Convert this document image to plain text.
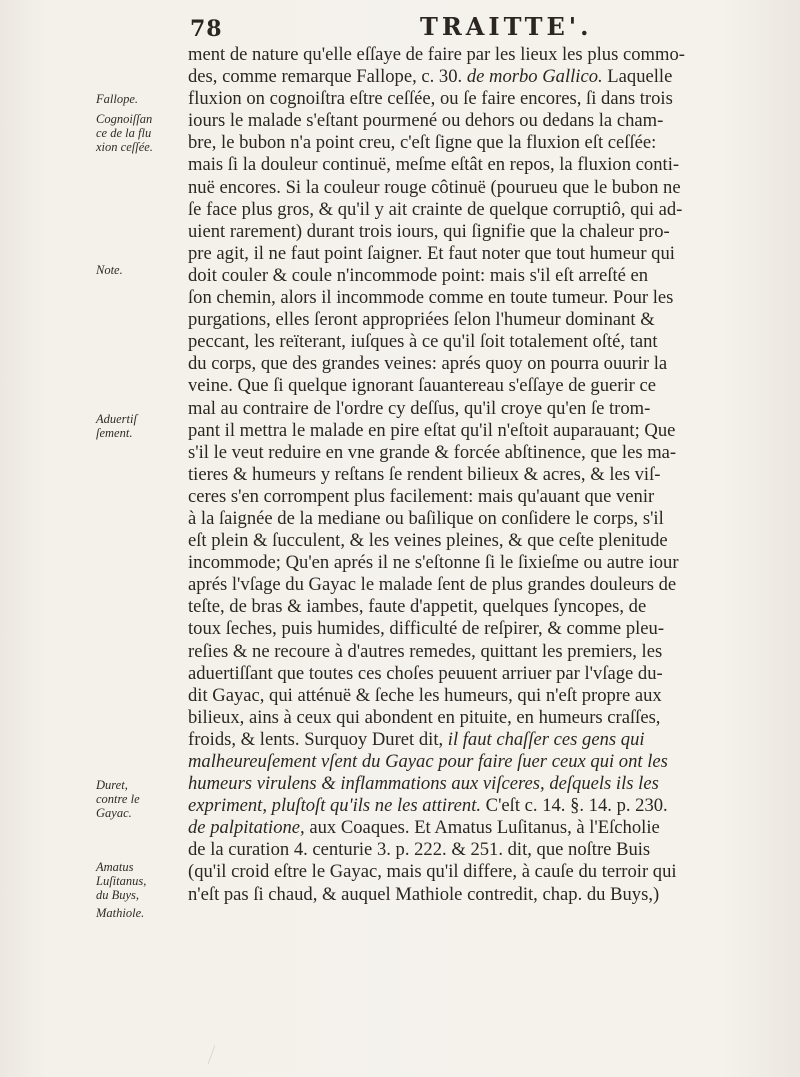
78	TRAITTE'.
Fallope.
Cognoiſſan
ce de la flu
xion ceſſée.
Note.
Aduertiſ
ſement.
Duret,
contre le
Gayac.
Amatus
Luſitanus,
du Buys,
Mathiole.
ment de nature qu'elle eſſaye de faire par les lieux les plus commo-
des, comme remarque Fallope, c. 30. de morbo Gallico. Laquelle
fluxion on cognoiſtra eſtre ceſſée, ou ſe faire encores, ſi dans trois
iours le malade s'eſtant pourmené ou dehors ou dedans la cham-
bre, le bubon n'a point creu, c'eſt ſigne que la fluxion eſt ceſſée:
mais ſi la douleur continuë, meſme eſtât en repos, la fluxion conti-
nuë encores. Si la couleur rouge côtinuë (pourueu que le bubon ne
ſe face plus gros, & qu'il y ait crainte de quelque corruptiô, qui ad-
uient rarement) durant trois iours, qui ſignifie que la chaleur pro-
pre agit, il ne faut point ſaigner. Et faut noter que tout humeur qui
doit couler & coule n'incommode point: mais s'il eſt arreſté en
ſon chemin, alors il incommode comme en toute tumeur. Pour les
purgations, elles ſeront appropriées ſelon l'humeur dominant &
peccant, les reïterant, iuſques à ce qu'il ſoit totalement oſté, tant
du corps, que des grandes veines: aprés quoy on pourra ouurir la
veine. Que ſi quelque ignorant ſauantereau s'eſſaye de guerir ce
mal au contraire de l'ordre cy deſſus, qu'il croye qu'en ſe trom-
pant il mettra le malade en pire eſtat qu'il n'eſtoit auparauant; Que
s'il le veut reduire en vne grande & forcée abſtinence, que les ma-
tieres & humeurs y reſtans ſe rendent bilieux & acres, & les viſ-
ceres s'en corrompent plus facilement: mais qu'auant que venir
à la ſaignée de la mediane ou baſilique on conſidere le corps, s'il
eſt plein & ſucculent, & les veines pleines, & que ceſte plenitude
incommode; Qu'en aprés il ne s'eſtonne ſi le ſixieſme ou autre iour
aprés l'vſage du Gayac le malade ſent de plus grandes douleurs de
teſte, de bras & iambes, faute d'appetit, quelques ſyncopes, de
toux ſeches, puis humides, difficulté de reſpirer, & comme pleu-
reſies & ne recoure à d'autres remedes, quittant les premiers, les
aduertiſſant que toutes ces choſes peuuent arriuer par l'vſage du-
dit Gayac, qui atténuë & ſeche les humeurs, qui n'eſt propre aux
bilieux, ains à ceux qui abondent en pituite, en humeurs craſſes,
froids, & lents. Surquoy Duret dit, il faut chaſſer ces gens qui
malheureuſement vſent du Gayac pour faire ſuer ceux qui ont les
humeurs virulens & inflammations aux viſceres, deſquels ils les
expriment, pluſtoſt qu'ils ne les attirent. C'eſt c. 14. §. 14. p. 230.
de palpitatione, aux Coaques. Et Amatus Luſitanus, à l'Eſcholie
de la curation 4. centurie 3. p. 222. & 251. dit, que noſtre Buis
(qu'il croid eſtre le Gayac, mais qu'il differe, à cauſe du terroir qui
n'eſt pas ſi chaud, & auquel Mathiole contredit, chap. du Buys,)
